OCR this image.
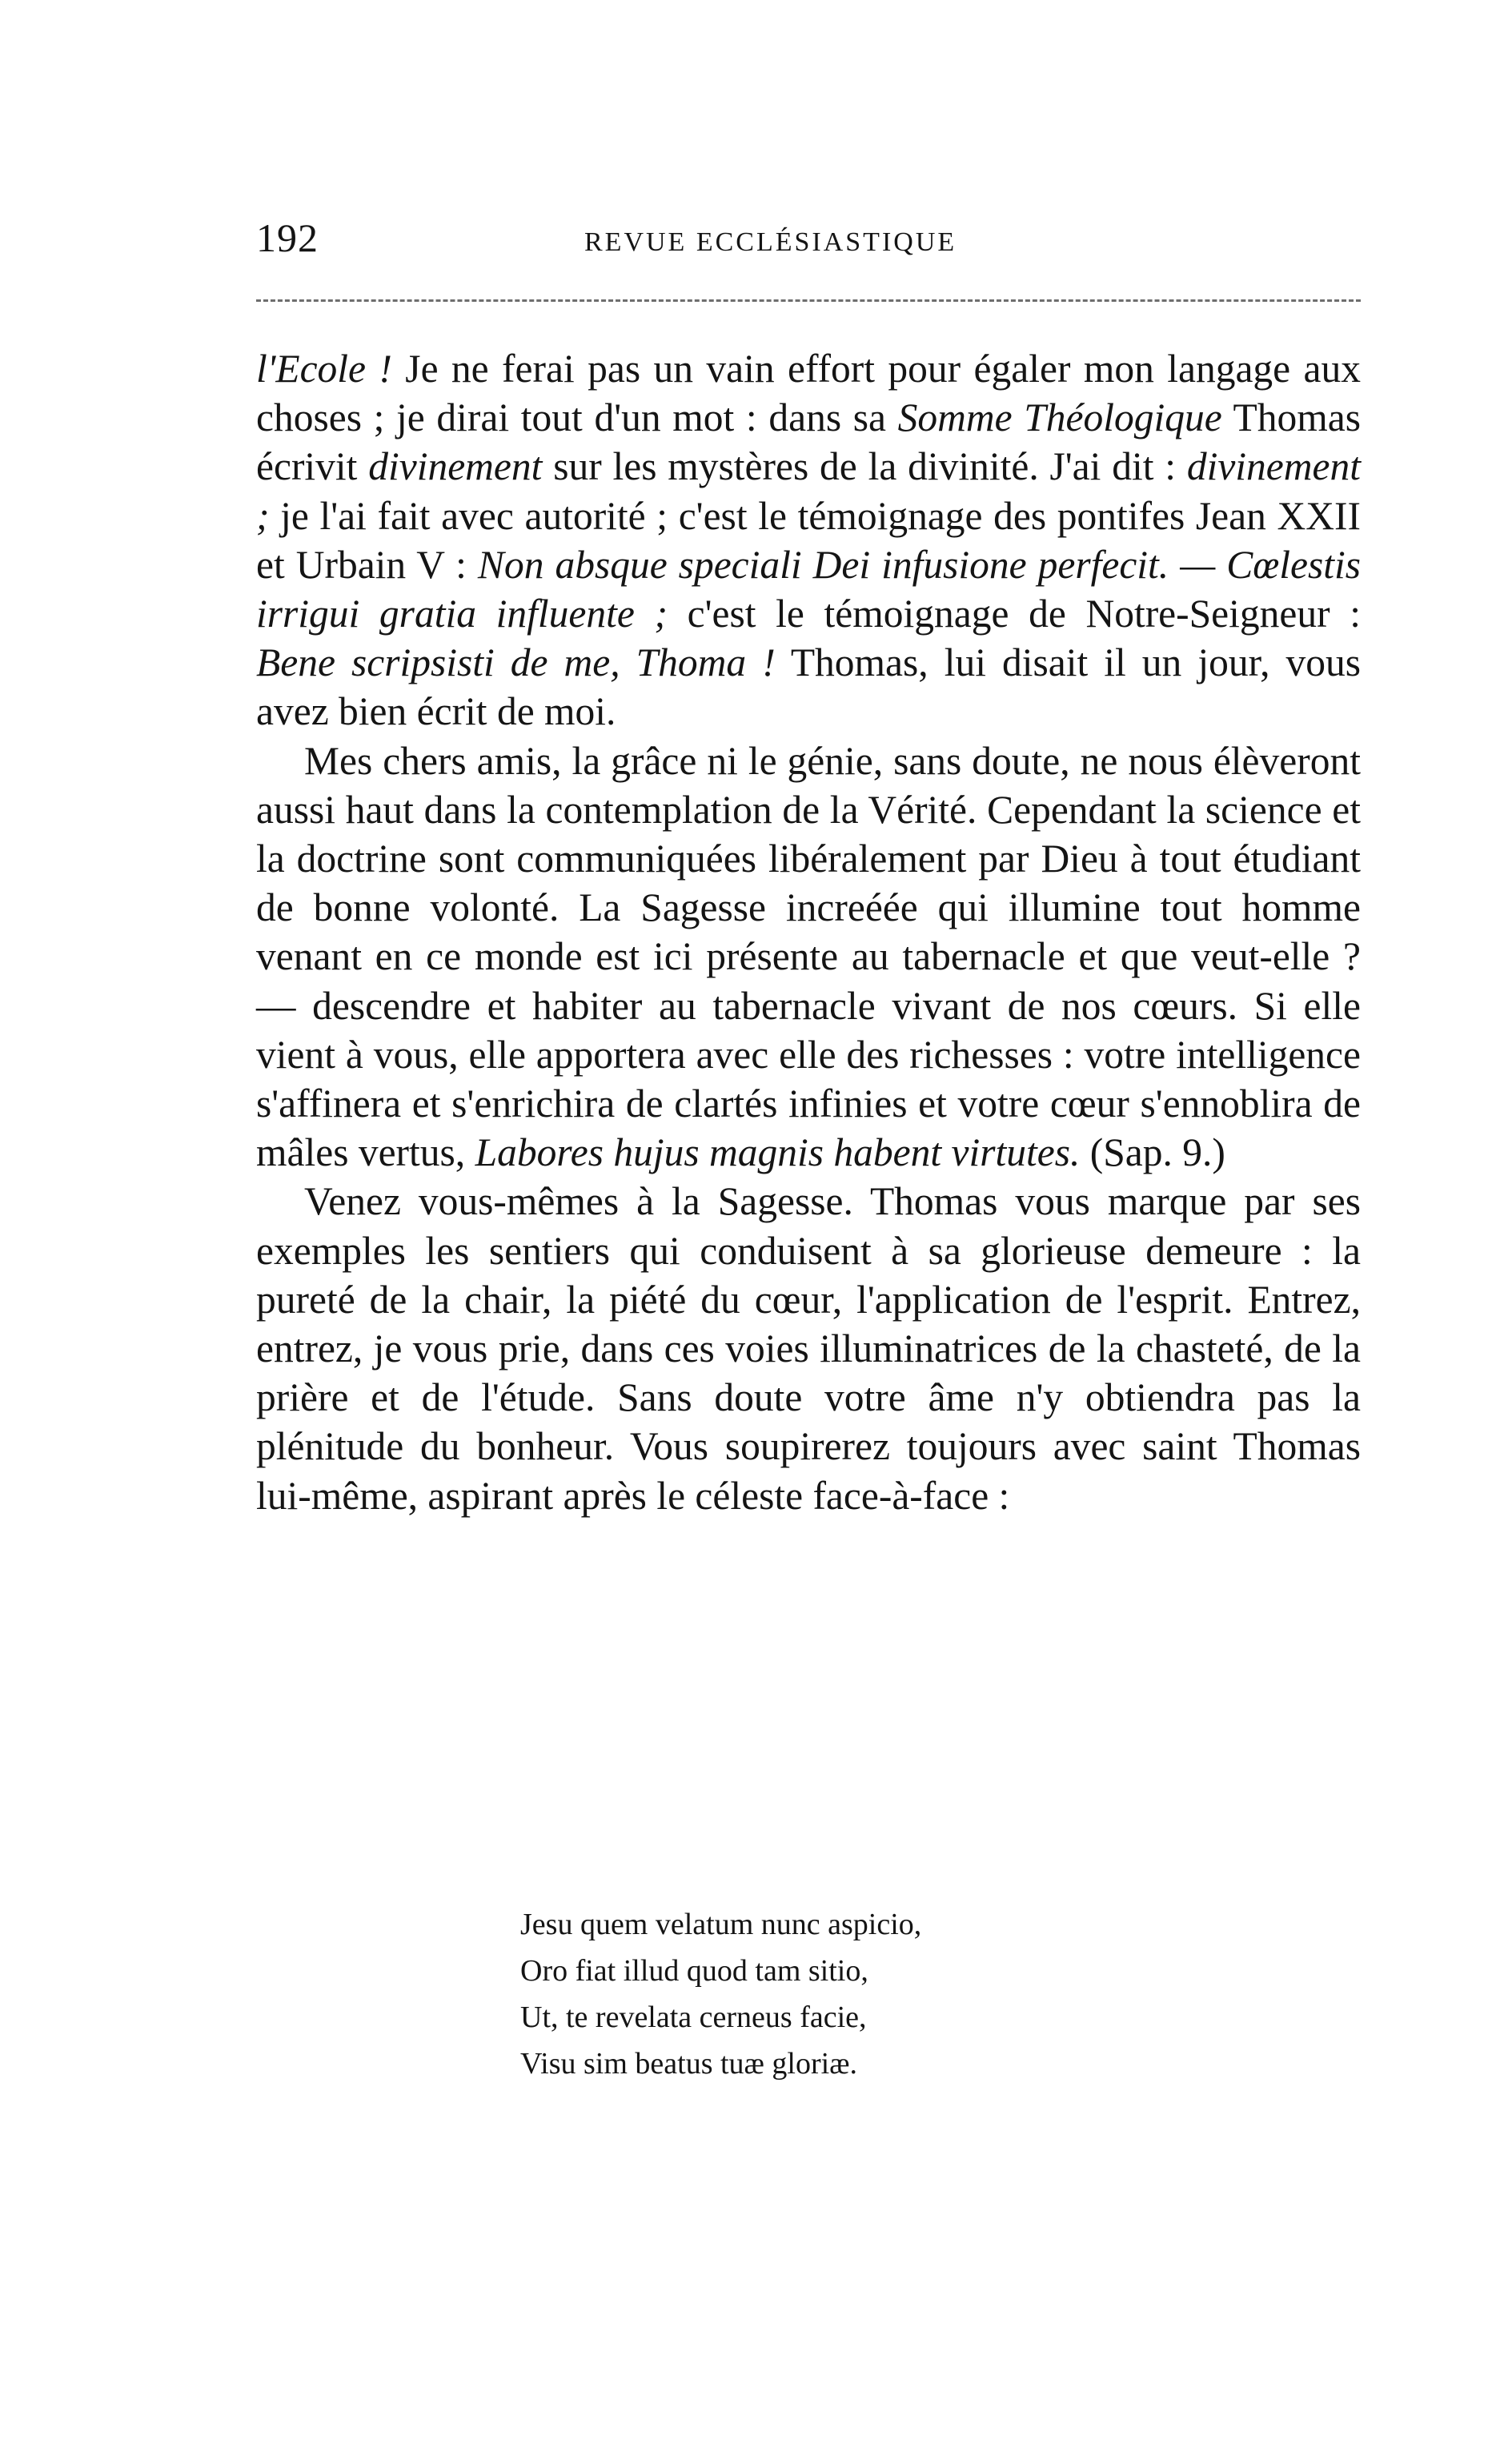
192	REVUE ECCLÉSIASTIQUE

l'Ecole ! Je ne ferai pas un vain effort pour égaler mon langage aux choses ; je dirai tout d'un mot : dans sa Somme Théologique Thomas écrivit divinement sur les mystères de la divinité. J'ai dit : divinement ; je l'ai fait avec autorité ; c'est le témoignage des pontifes Jean XXII et Urbain V : Non absque speciali Dei infusione perfecit. — Cœlestis irrigui gratia influente ; c'est le témoignage de Notre-Seigneur : Bene scripsisti de me, Thoma ! Thomas, lui disait il un jour, vous avez bien écrit de moi.

Mes chers amis, la grâce ni le génie, sans doute, ne nous élèveront aussi haut dans la contemplation de la Vérité. Cependant la science et la doctrine sont communiquées libéralement par Dieu à tout étudiant de bonne volonté. La Sagesse increéée qui illumine tout homme venant en ce monde est ici présente au tabernacle et que veut-elle ? — descendre et habiter au tabernacle vivant de nos cœurs. Si elle vient à vous, elle apportera avec elle des richesses : votre intelligence s'affinera et s'enrichira de clartés infinies et votre cœur s'ennoblira de mâles vertus, Labores hujus magnis habent virtutes. (Sap. 9.)

Venez vous-mêmes à la Sagesse. Thomas vous marque par ses exemples les sentiers qui conduisent à sa glorieuse demeure : la pureté de la chair, la piété du cœur, l'application de l'esprit. Entrez, entrez, je vous prie, dans ces voies illuminatrices de la chasteté, de la prière et de l'étude. Sans doute votre âme n'y obtiendra pas la plénitude du bonheur. Vous soupirerez toujours avec saint Thomas lui-même, aspirant après le céleste face-à-face :

Jesu quem velatum nunc aspicio,
Oro fiat illud quod tam sitio,
Ut, te revelata cerneus facie,
Visu sim beatus tuæ gloriæ.
